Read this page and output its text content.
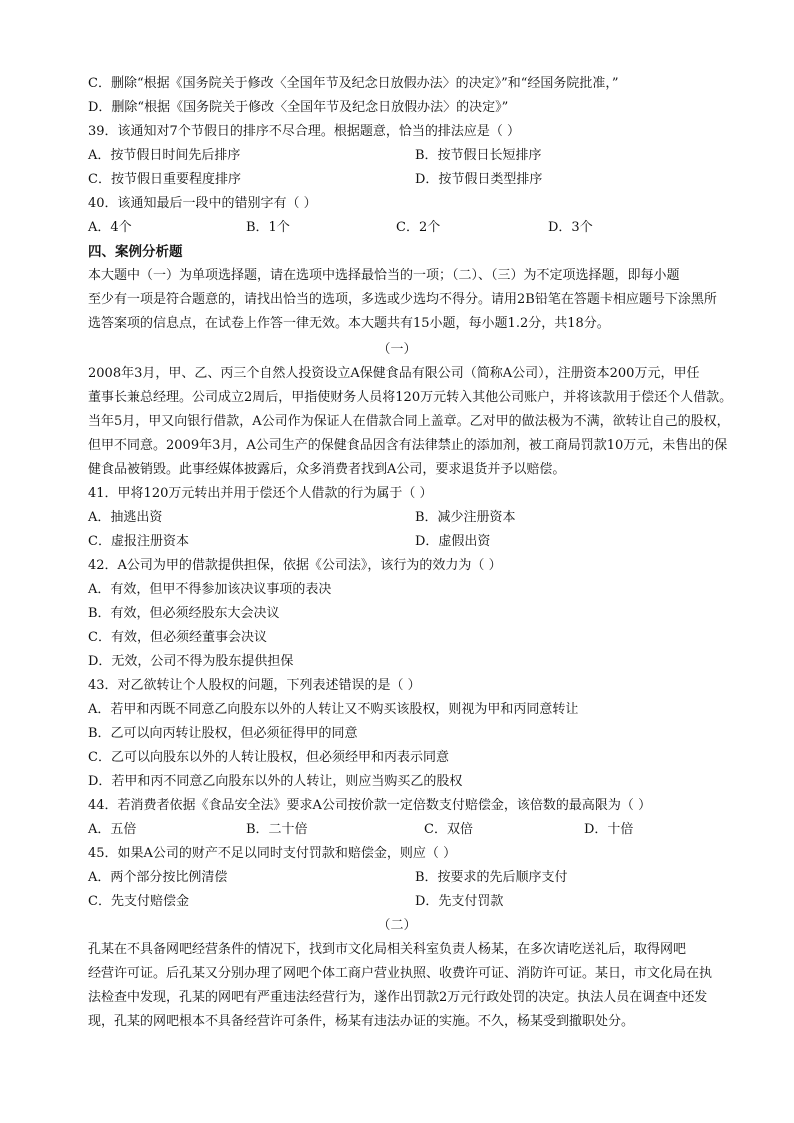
C．删除“根据《国务院关于修改〈全国年节及纪念日放假办法〉的决定》”和“经国务院批准，”
D．删除“根据《国务院关于修改〈全国年节及纪念日放假办法〉的决定》”
39．该通知对7个节假日的排序不尽合理。根据题意，恰当的排法应是（ ）
A．按节假日时间先后排序	B．按节假日长短排序
C．按节假日重要程度排序	D．按节假日类型排序
40．该通知最后一段中的错别字有（ ）
A．4个	B．1个	C．2个	D．3个
四、案例分析题
本大题中（一）为单项选择题，请在选项中选择最恰当的一项；（二）、（三）为不定项选择题，即每小题
至少有一项是符合题意的，请找出恰当的选项，多选或少选均不得分。请用2B铅笔在答题卡相应题号下涂黑所
选答案项的信息点，在试卷上作答一律无效。本大题共有15小题，每小题1.2分，共18分。
（一）
2008年3月，甲、乙、丙三个自然人投资设立A保健食品有限公司（简称A公司），注册资本200万元，甲任
董事长兼总经理。公司成立2周后，甲指使财务人员将120万元转入其他公司账户，并将该款用于偿还个人借款。
当年5月，甲又向银行借款，A公司作为保证人在借款合同上盖章。乙对甲的做法极为不满，欲转让自己的股权，
但甲不同意。2009年3月，A公司生产的保健食品因含有法律禁止的添加剂，被工商局罚款10万元，未售出的保
健食品被销毁。此事经媒体披露后，众多消费者找到A公司，要求退货并予以赔偿。
41．甲将120万元转出并用于偿还个人借款的行为属于（ ）
A．抽逃出资	B．减少注册资本
C．虚报注册资本	D．虚假出资
42．A公司为甲的借款提供担保，依据《公司法》，该行为的效力为（ ）
A．有效，但甲不得参加该决议事项的表决
B．有效，但必须经股东大会决议
C．有效，但必须经董事会决议
D．无效，公司不得为股东提供担保
43．对乙欲转让个人股权的问题，下列表述错误的是（ ）
A．若甲和丙既不同意乙向股东以外的人转让又不购买该股权，则视为甲和丙同意转让
B．乙可以向丙转让股权，但必须征得甲的同意
C．乙可以向股东以外的人转让股权，但必须经甲和丙表示同意
D．若甲和丙不同意乙向股东以外的人转让，则应当购买乙的股权
44．若消费者依据《食品安全法》要求A公司按价款一定倍数支付赔偿金，该倍数的最高限为（ ）
A．五倍	B．二十倍	C．双倍	D．十倍
45．如果A公司的财产不足以同时支付罚款和赔偿金，则应（ ）
A．两个部分按比例清偿	B．按要求的先后顺序支付
C．先支付赔偿金	D．先支付罚款
（二）
孔某在不具备网吧经营条件的情况下，找到市文化局相关科室负责人杨某，在多次请吃送礼后，取得网吧
经营许可证。后孔某又分别办理了网吧个体工商户营业执照、收费许可证、消防许可证。某日，市文化局在执
法检查中发现，孔某的网吧有严重违法经营行为，遂作出罚款2万元行政处罚的决定。执法人员在调查中还发
现，孔某的网吧根本不具备经营许可条件，杨某有违法办证的实施。不久，杨某受到撤职处分。
